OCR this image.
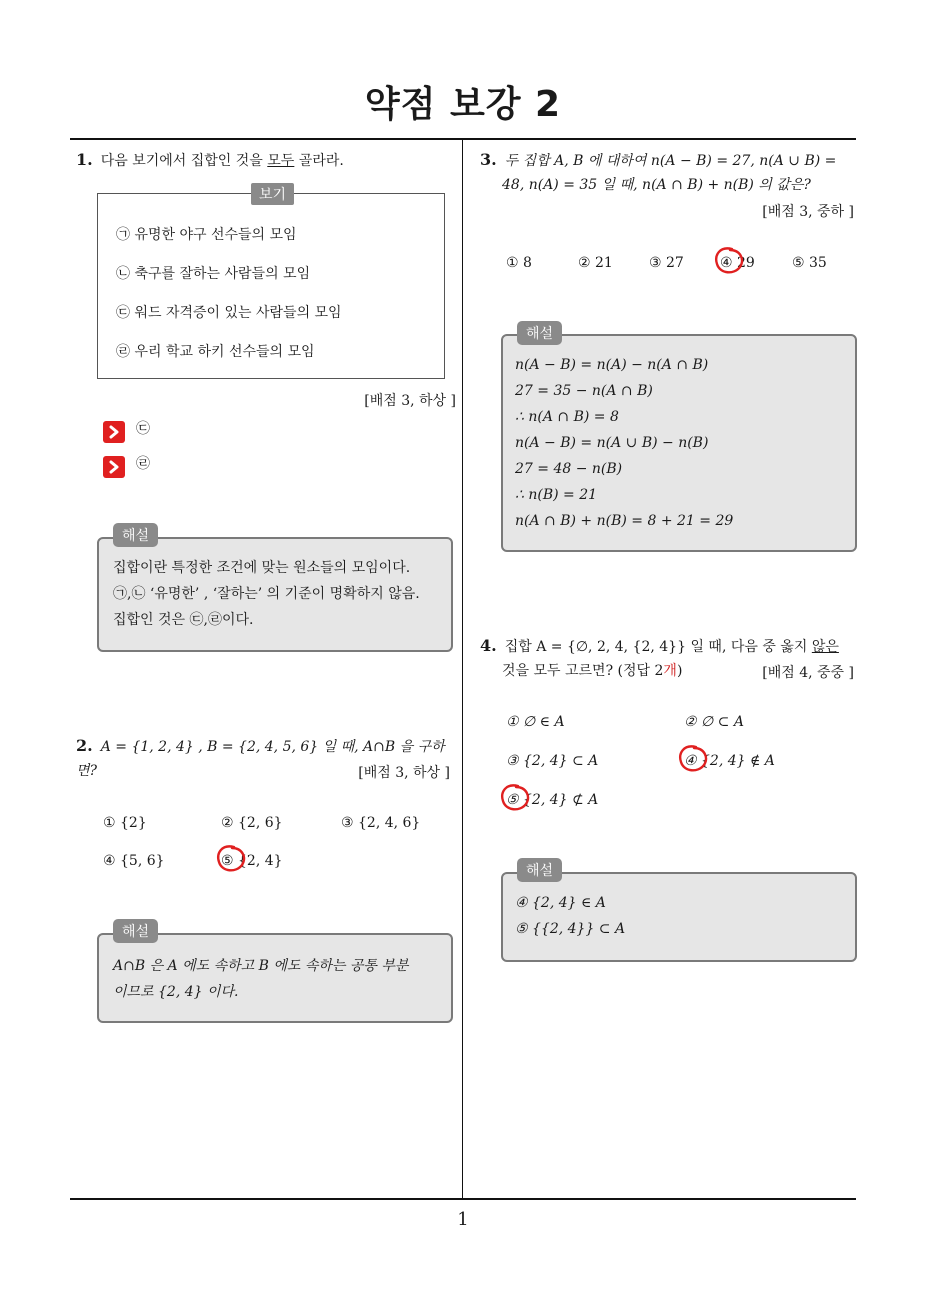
약점 보강 2
1
1. 다음 보기에서 집합인 것을 모두 골라라.
㉠ 유명한 야구 선수들의 모임
㉡ 축구를 잘하는 사람들의 모임
㉢ 워드 자격증이 있는 사람들의 모임
㉣ 우리 학교 하키 선수들의 모임
보기
[배점 3, 하상 ]
㉢
㉣
집합이란 특정한 조건에 맞는 원소들의 모임이다.
㉠,㉡ ‘유명한’ , ‘잘하는’ 의 기준이 명확하지 않음.
집합인 것은 ㉢,㉣이다.
해설
2. A = {1, 2, 4} , B = {2, 4, 5, 6} 일 때, A∩B 을 구하면?	[배점 3, 하상 ]
① {2}	② {2, 6}	③ {2, 4, 6}
④ {5, 6}	⑤ {2, 4}
A∩B 은 A 에도 속하고 B 에도 속하는 공통 부분
이므로 {2, 4} 이다.
해설
3. 두 집합 A, B 에 대하여 n(A − B) = 27, n(A ∪ B) =
48, n(A) = 35 일 때, n(A ∩ B) + n(B) 의 값은?
[배점 3, 중하 ]
① 8	② 21	③ 27	④ 29	⑤ 35
n(A − B) = n(A) − n(A ∩ B)
27 = 35 − n(A ∩ B)
∴ n(A ∩ B) = 8
n(A − B) = n(A ∪ B) − n(B)
27 = 48 − n(B)
∴ n(B) = 21
n(A ∩ B) + n(B) = 8 + 21 = 29
해설
4. 집합 A = {∅, 2, 4, {2, 4}} 일 때, 다음 중 옳지 않은
것을 모두 고르면? (정답 2개)	[배점 4, 중중 ]
① ∅ ∈ A	② ∅ ⊂ A
③ {2, 4} ⊂ A	④ {2, 4} ∉ A
⑤ {2, 4} ⊄ A
④ {2, 4} ∈ A
⑤ {{2, 4}} ⊂ A
해설
